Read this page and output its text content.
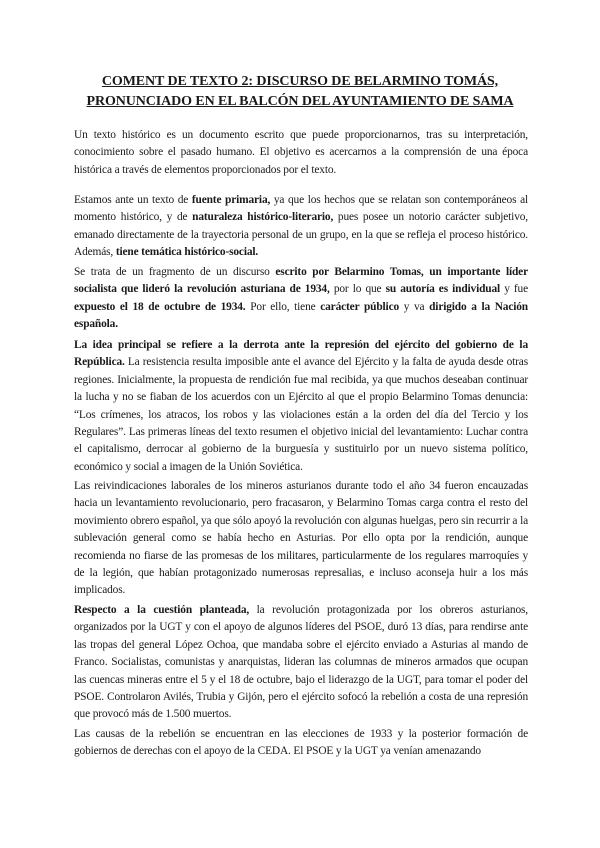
COMENT DE TEXTO 2: DISCURSO DE BELARMINO TOMÁS,
PRONUNCIADO EN EL BALCÓN DEL AYUNTAMIENTO DE SAMA

Un texto histórico es un documento escrito que puede proporcionarnos, tras su interpretación, conocimiento sobre el pasado humano. El objetivo es acercarnos a la comprensión de una época histórica a través de elementos proporcionados por el texto.

Estamos ante un texto de fuente primaria, ya que los hechos que se relatan son contemporáneos al momento histórico, y de naturaleza histórico-literario, pues posee un notorio carácter subjetivo, emanado directamente de la trayectoria personal de un grupo, en la que se refleja el proceso histórico. Además, tiene temática histórico-social.

Se trata de un fragmento de un discurso escrito por Belarmino Tomas, un importante líder socialista que lideró la revolución asturiana de 1934, por lo que su autoría es individual y fue expuesto el 18 de octubre de 1934. Por ello, tiene carácter público y va dirigido a la Nación española.

La idea principal se refiere a la derrota ante la represión del ejército del gobierno de la República. La resistencia resulta imposible ante el avance del Ejército y la falta de ayuda desde otras regiones. Inicialmente, la propuesta de rendición fue mal recibida, ya que muchos deseaban continuar la lucha y no se fiaban de los acuerdos con un Ejército al que el propio Belarmino Tomas denuncia: “Los crímenes, los atracos, los robos y las violaciones están a la orden del día del Tercio y los Regulares”. Las primeras líneas del texto resumen el objetivo inicial del levantamiento: Luchar contra el capitalismo, derrocar al gobierno de la burguesía y sustituirlo por un nuevo sistema político, económico y social a imagen de la Unión Soviética.

Las reivindicaciones laborales de los mineros asturianos durante todo el año 34 fueron encauzadas hacia un levantamiento revolucionario, pero fracasaron, y Belarmino Tomas carga contra el resto del movimiento obrero español, ya que sólo apoyó la revolución con algunas huelgas, pero sin recurrir a la sublevación general como se había hecho en Asturias. Por ello opta por la rendición, aunque recomienda no fiarse de las promesas de los militares, particularmente de los regulares marroquíes y de la legión, que habían protagonizado numerosas represalias, e incluso aconseja huir a los más implicados.

Respecto a la cuestión planteada, la revolución protagonizada por los obreros asturianos, organizados por la UGT y con el apoyo de algunos líderes del PSOE, duró 13 días, para rendirse ante las tropas del general López Ochoa, que mandaba sobre el ejército enviado a Asturias al mando de Franco. Socialistas, comunistas y anarquistas, lideran las columnas de mineros armados que ocupan las cuencas mineras entre el 5 y el 18 de octubre, bajo el liderazgo de la UGT, para tomar el poder del PSOE. Controlaron Avilés, Trubia y Gijón, pero el ejército sofocó la rebelión a costa de una represión que provocó más de 1.500 muertos.

Las causas de la rebelión se encuentran en las elecciones de 1933 y la posterior formación de gobiernos de derechas con el apoyo de la CEDA. El PSOE y la UGT ya venían amenazando
